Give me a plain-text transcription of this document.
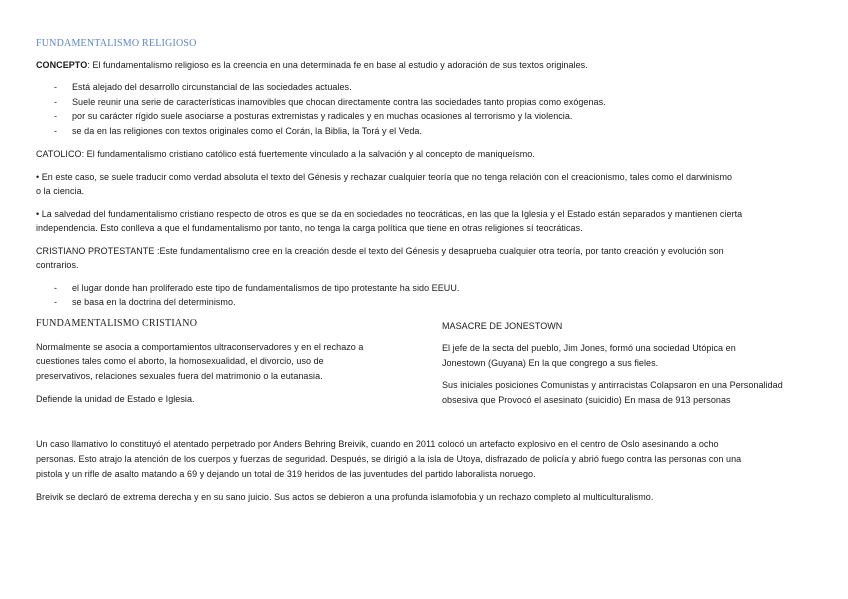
FUNDAMENTALISMO RELIGIOSO
CONCEPTO: El fundamentalismo religioso es la creencia en una determinada fe en base al estudio y adoración de sus textos originales.
- Está alejado del desarrollo circunstancial de las sociedades actuales.
- Suele reunir una serie de características inamovibles que chocan directamente contra las sociedades tanto propias como exógenas.
- por su carácter rígido suele asociarse a posturas extremistas y radicales y en muchas ocasiones al terrorismo y la violencia.
- se da en las religiones con textos originales como el Corán, la Biblia, la Torá y el Veda.
CATOLICO: El fundamentalismo cristiano católico está fuertemente vinculado a la salvación y al concepto de maniqueísmo.
• En este caso, se suele traducir como verdad absoluta el texto del Génesis y rechazar cualquier teoría que no tenga relación con el creacionismo, tales como el darwinismo
o la ciencia.
• La salvedad del fundamentalismo cristiano respecto de otros es que se da en sociedades no teocráticas, en las que la Iglesia y el Estado están separados y mantienen cierta
independencia. Esto conlleva a que el fundamentalismo por tanto, no tenga la carga política que tiene en otras religiones sí teocráticas.
CRISTIANO PROTESTANTE :Este fundamentalismo cree en la creación desde el texto del Génesis y desaprueba cualquier otra teoría, por tanto creación y evolución son
contrarios.
- el lugar donde han proliferado este tipo de fundamentalismos de tipo protestante ha sido EEUU.
- se basa en la doctrina del determinismo.
FUNDAMENTALISMO CRISTIANO
Normalmente se asocia a comportamientos ultraconservadores y en el rechazo a
cuestiones tales como el aborto, la homosexualidad, el divorcio, uso de
preservativos, relaciones sexuales fuera del matrimonio o la eutanasia.
Defiende la unidad de Estado e Iglesia.
MASACRE DE JONESTOWN
El jefe de la secta del pueblo, Jim Jones, formó una sociedad Utópica en
Jonestown (Guyana) En la que congrego a sus fieles.
Sus iniciales posiciones Comunistas y antirracistas Colapsaron en una Personalidad
obsesiva que Provocó el asesinato (suicidio) En masa de 913 personas
Un caso llamativo lo constituyó el atentado perpetrado por Anders Behring Breivik, cuando en 2011 colocó un artefacto explosivo en el centro de Oslo asesinando a ocho
personas. Esto atrajo la atención de los cuerpos y fuerzas de seguridad. Después, se dirigió a la isla de Utoya, disfrazado de policía y abrió fuego contra las personas con una
pistola y un rifle de asalto matando a 69 y dejando un total de 319 heridos de las juventudes del partido laboralista noruego.
Breivik se declaró de extrema derecha y en su sano juicio. Sus actos se debieron a una profunda islamofobia y un rechazo completo al multiculturalismo.
